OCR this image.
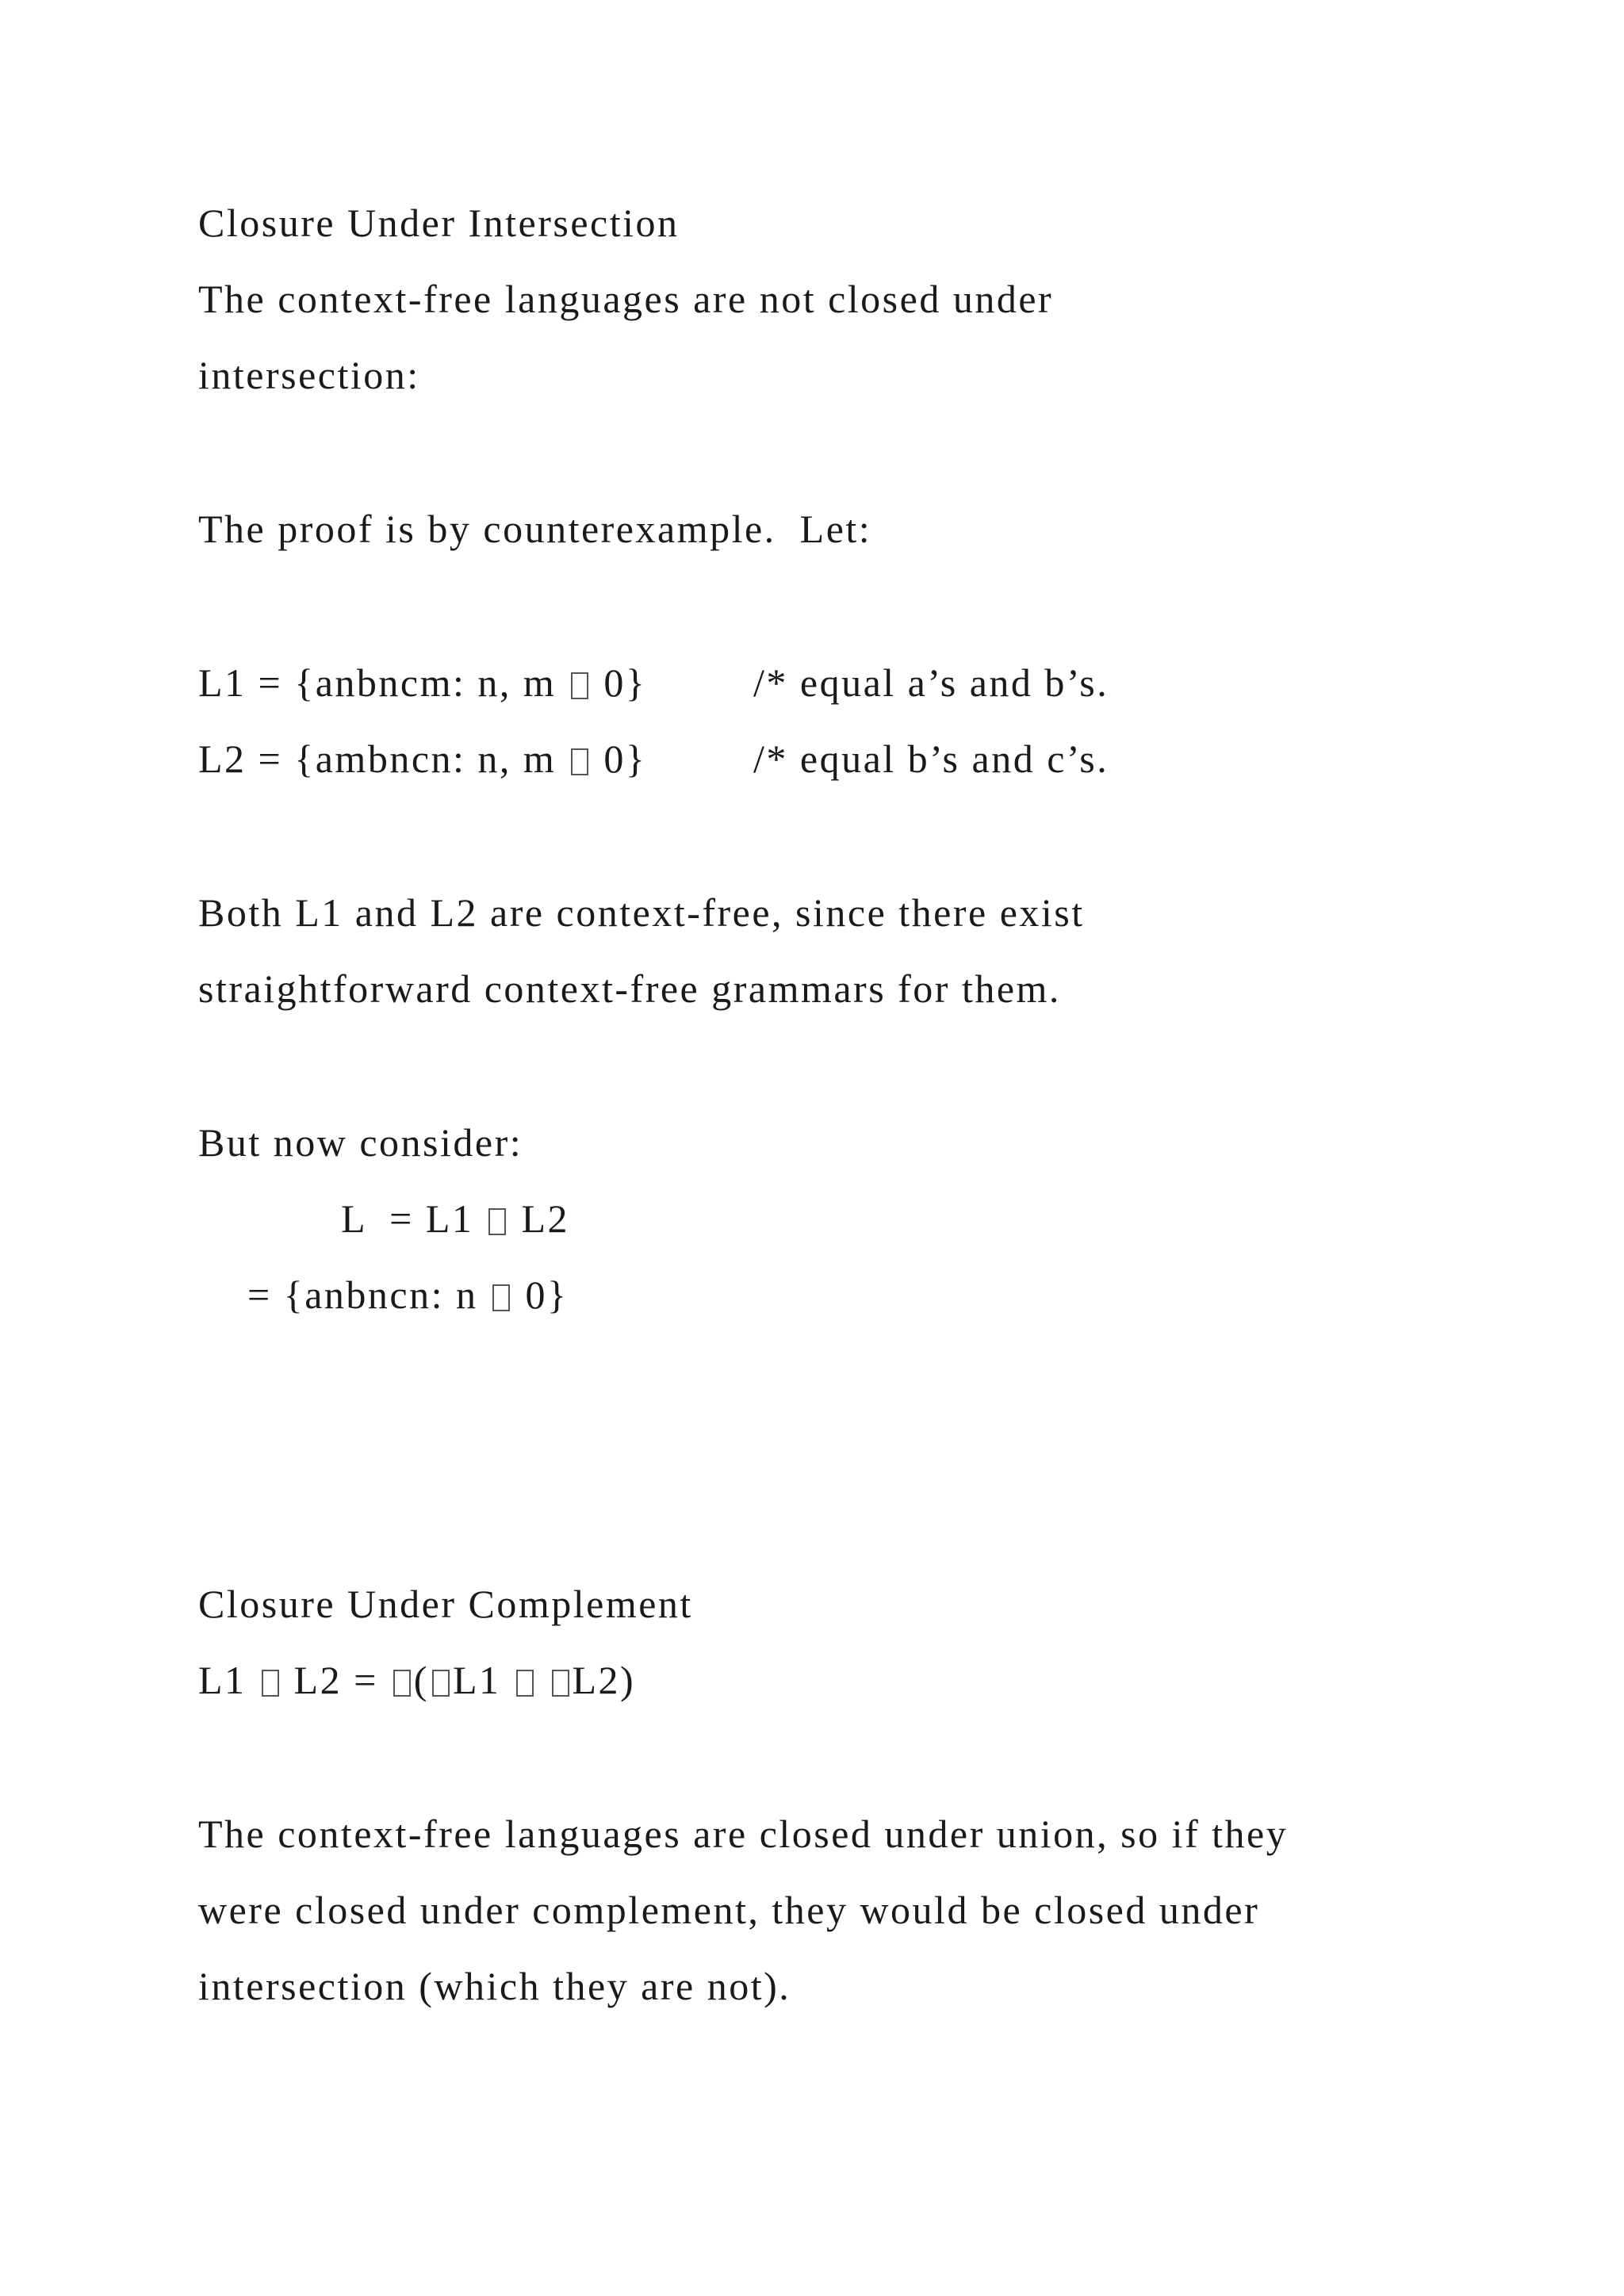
Closure Under Intersection
The context-free languages are not closed under
intersection:
The proof is by counterexample.  Let:
L1 = {anbncm: n, m 0}	/* equal a’s and b’s.
L2 = {ambncn: n, m 0}	/* equal b’s and c’s.
Both L1 and L2 are context-free, since there exist
straightforward context-free grammars for them.
But now consider:
L  = L1 L2
= {anbncn: n 0}
Closure Under Complement
L1 L2 = ( L1 L2)
The context-free languages are closed under union, so if they
were closed under complement, they would be closed under
intersection (which they are not).
